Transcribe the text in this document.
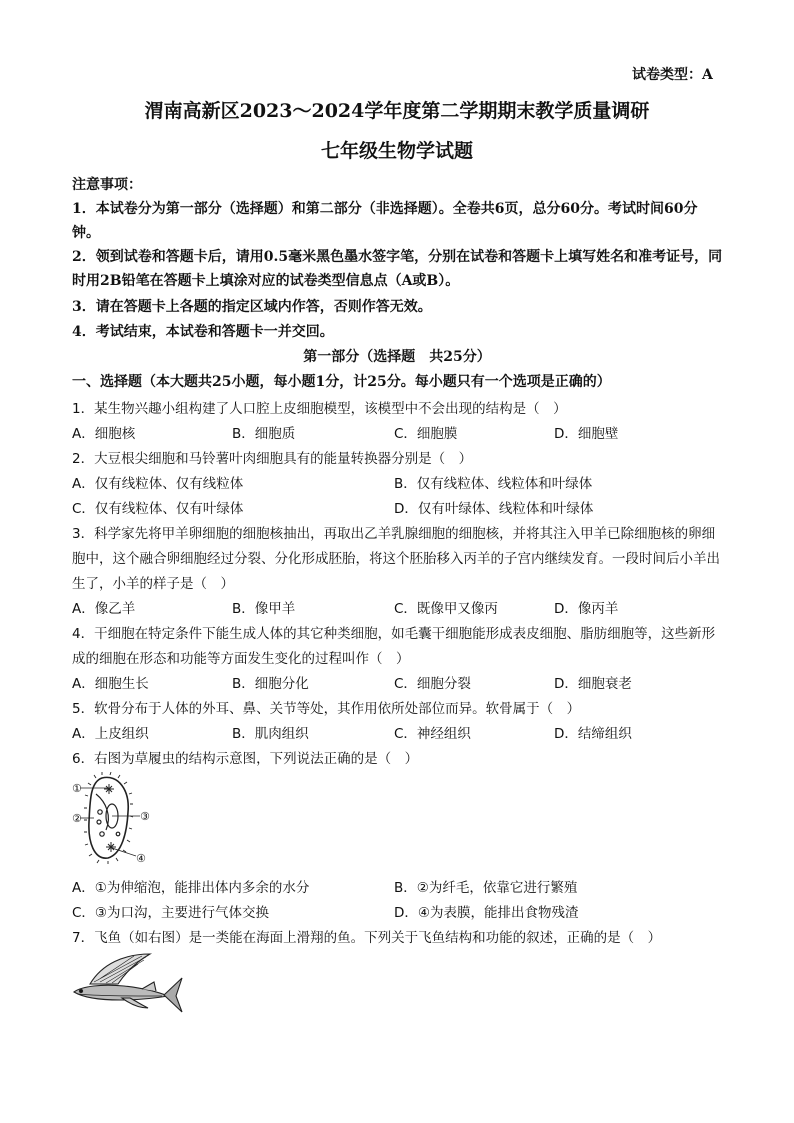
试卷类型：A
渭南高新区2023～2024学年度第二学期期末教学质量调研
七年级生物学试题
注意事项：
1．本试卷分为第一部分（选择题）和第二部分（非选择题）。全卷共6页，总分60分。考试时间60分钟。
2．领到试卷和答题卡后，请用0.5毫米黑色墨水签字笔，分别在试卷和答题卡上填写姓名和准考证号，同时用2B铅笔在答题卡上填涂对应的试卷类型信息点（A或B）。
3．请在答题卡上各题的指定区域内作答，否则作答无效。
4．考试结束，本试卷和答题卡一并交回。
第一部分（选择题　共25分）
一、选择题（本大题共25小题，每小题1分，计25分。每小题只有一个选项是正确的）
1．某生物兴趣小组构建了人口腔上皮细胞模型，该模型中不会出现的结构是（　）
A．细胞核	B．细胞质	C．细胞膜	D．细胞壁
2．大豆根尖细胞和马铃薯叶肉细胞具有的能量转换器分别是（　）
A．仅有线粒体、仅有线粒体	B．仅有线粒体、线粒体和叶绿体
C．仅有线粒体、仅有叶绿体	D．仅有叶绿体、线粒体和叶绿体
3．科学家先将甲羊卵细胞的细胞核抽出，再取出乙羊乳腺细胞的细胞核，并将其注入甲羊已除细胞核的卵细胞中，这个融合卵细胞经过分裂、分化形成胚胎，将这个胚胎移入丙羊的子宫内继续发育。一段时间后小羊出生了，小羊的样子是（　）
A．像乙羊	B．像甲羊	C．既像甲又像丙	D．像丙羊
4．干细胞在特定条件下能生成人体的其它种类细胞，如毛囊干细胞能形成表皮细胞、脂肪细胞等，这些新形成的细胞在形态和功能等方面发生变化的过程叫作（　）
A．细胞生长	B．细胞分化	C．细胞分裂	D．细胞衰老
5．软骨分布于人体的外耳、鼻、关节等处，其作用依所处部位而异。软骨属于（　）
A．上皮组织	B．肌肉组织	C．神经组织	D．结缔组织
6．右图为草履虫的结构示意图，下列说法正确的是（　）
①
②	③
④
A．①为伸缩泡，能排出体内多余的水分	B．②为纤毛，依靠它进行繁殖
C．③为口沟，主要进行气体交换	D．④为表膜，能排出食物残渣
7．飞鱼（如右图）是一类能在海面上滑翔的鱼。下列关于飞鱼结构和功能的叙述，正确的是（　）
